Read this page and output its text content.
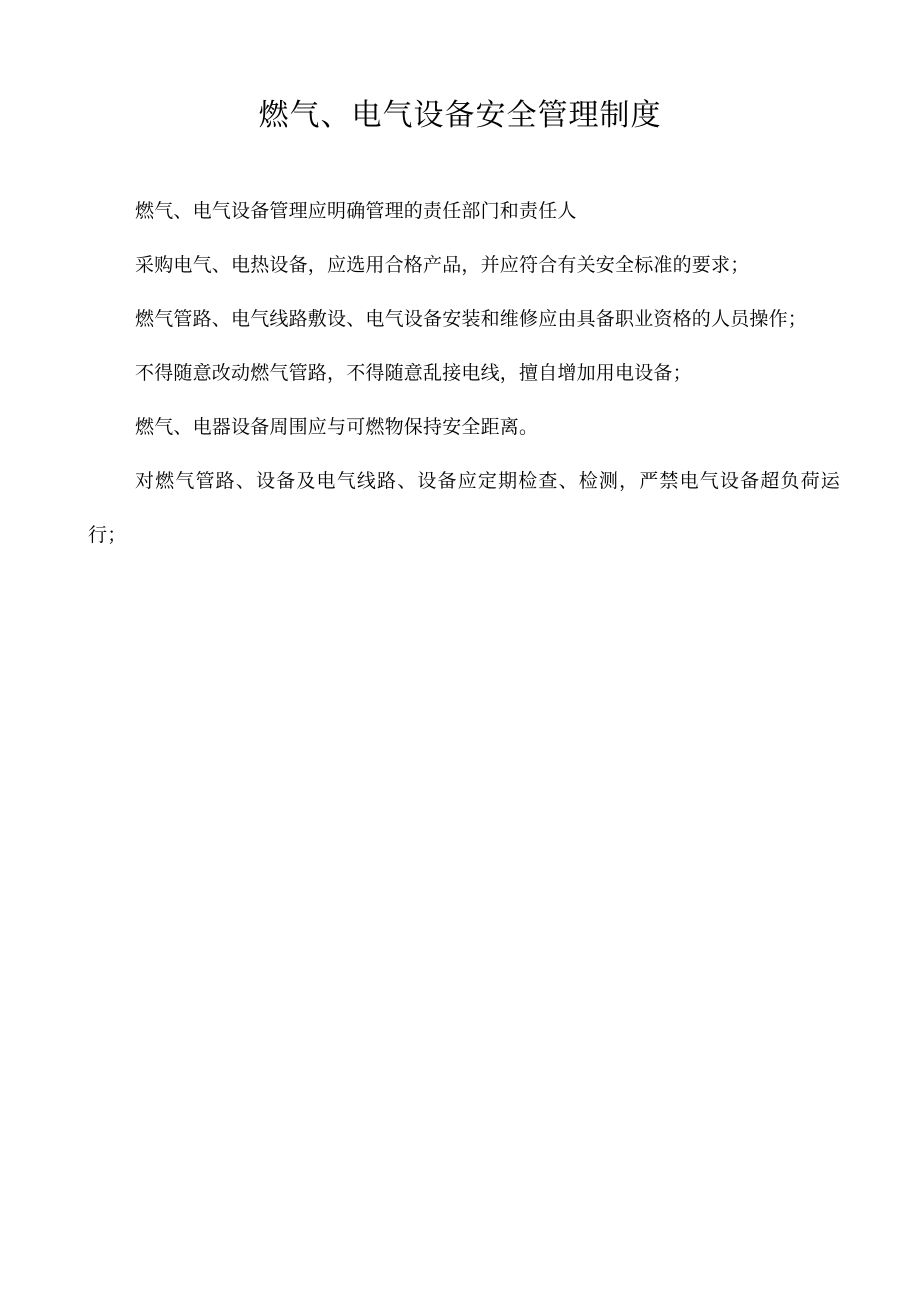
燃气、电气设备安全管理制度

燃气、电气设备管理应明确管理的责任部门和责任人

采购电气、电热设备，应选用合格产品，并应符合有关安全标准的要求；

燃气管路、电气线路敷设、电气设备安装和维修应由具备职业资格的人员操作；

不得随意改动燃气管路，不得随意乱接电线，擅自增加用电设备；

燃气、电器设备周围应与可燃物保持安全距离。

对燃气管路、设备及电气线路、设备应定期检查、检测，严禁电气设备超负荷运行；
